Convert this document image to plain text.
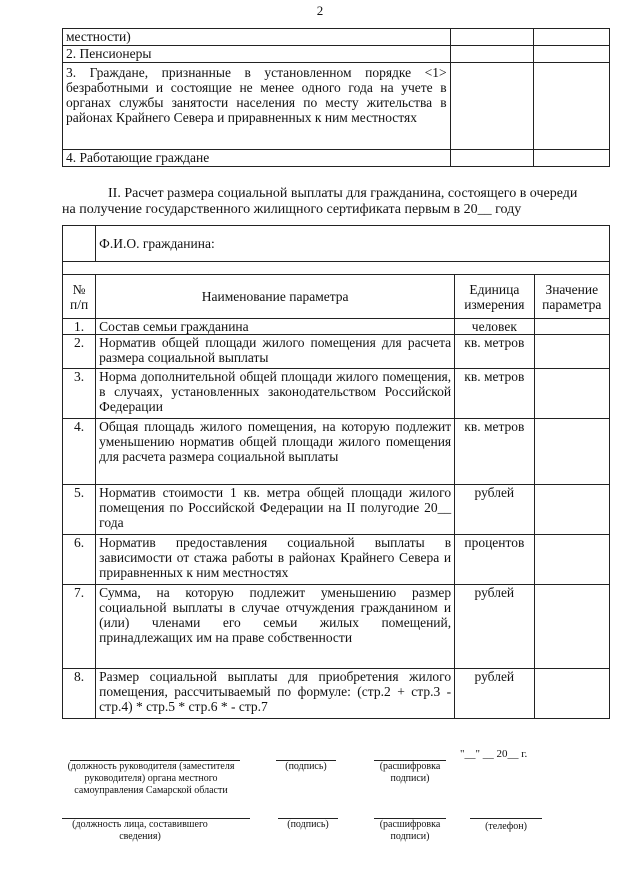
2
местности)		
2. Пенсионеры		
3. Граждане, признанные в установленном порядке <1> безработными и состоящие не менее одного года на учете в органах службы занятости населения по месту жительства в районах Крайнего Севера и приравненных к ним местностях		
4. Работающие граждане		
II. Расчет размера социальной выплаты для гражданина, состоящего в очереди
на получение государственного жилищного сертификата первым в 20__ году
	Ф.И.О. гражданина:		

№ п/п	Наименование параметра	Единица измерения	Значение параметра
1.	Состав семьи гражданина	человек	
2.	Норматив общей площади жилого помещения для расчета размера социальной выплаты	кв. метров	
3.	Норма дополнительной общей площади жилого помещения, в случаях, установленных законодательством Российской Федерации	кв. метров	
4.	Общая площадь жилого помещения, на которую подлежит уменьшению норматив общей площади жилого помещения для расчета размера социальной выплаты	кв. метров	
5.	Норматив стоимости 1 кв. метра общей площади жилого помещения по Российской Федерации на II полугодие 20__ года	рублей	
6.	Норматив предоставления социальной выплаты в зависимости от стажа работы в районах Крайнего Севера и приравненных к ним местностях	процентов	
7.	Сумма, на которую подлежит уменьшению размер социальной выплаты в случае отчуждения гражданином и (или) членами его семьи жилых помещений, принадлежащих им на праве собственности	рублей	
8.	Размер социальной выплаты для приобретения жилого помещения, рассчитываемый по формуле: (стр.2 + стр.3 - стр.4) * стр.5 * стр.6 * - стр.7	рублей	
(должность руководителя (заместителя руководителя) органа местного самоуправления Самарской области
(подпись)	(расшифровка подписи)
"__" __ 20__ г.
(должность лица, составившего сведения)
(подпись)	(расшифровка подписи)
(телефон)
